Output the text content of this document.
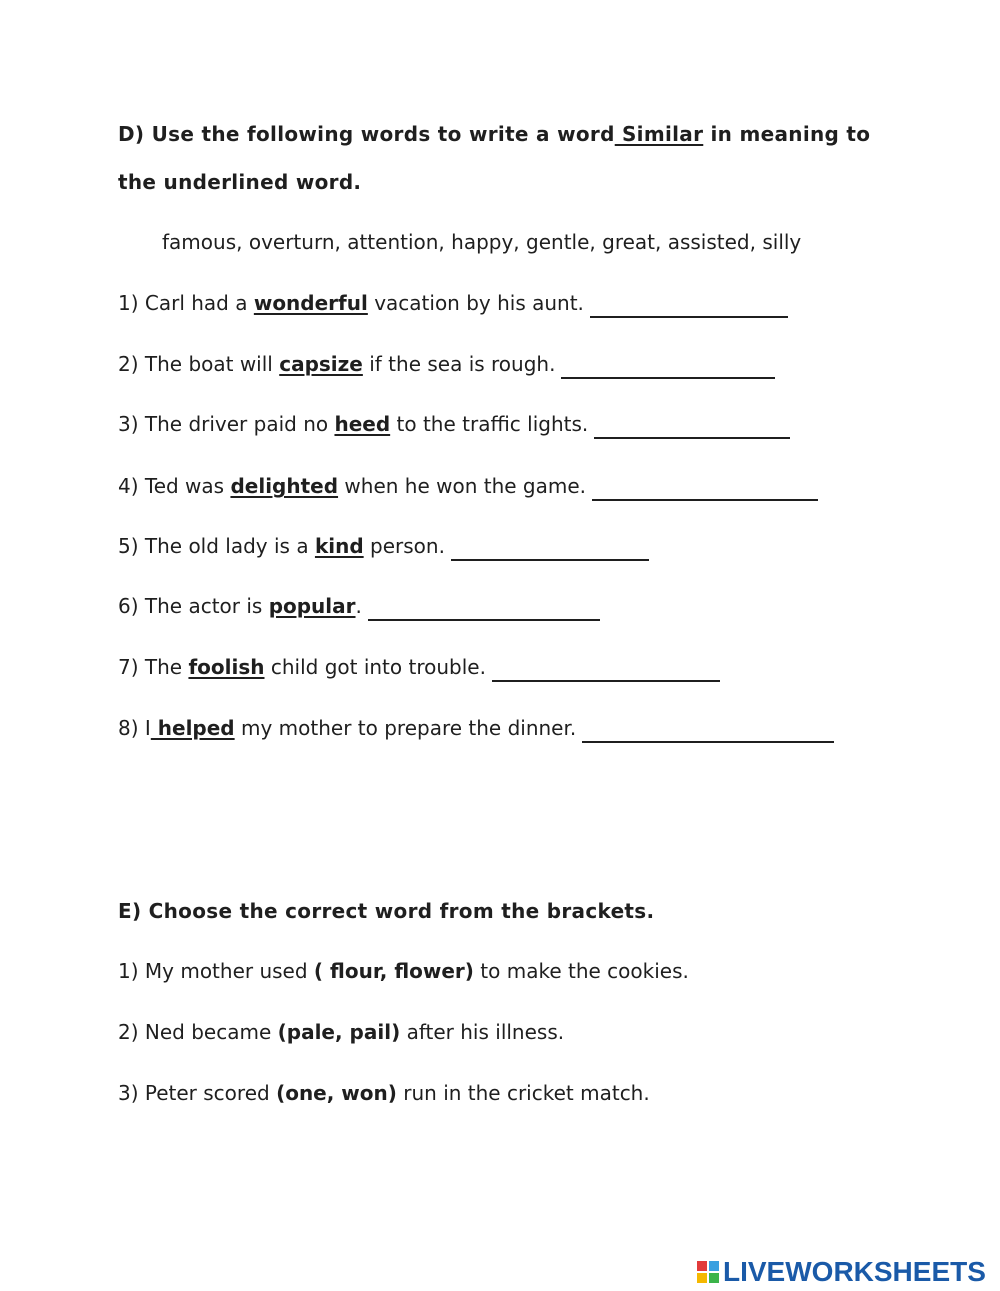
D) Use the following words to write a word Similar in meaning to
the underlined word.
famous, overturn, attention, happy, gentle, great, assisted, silly
1) Carl had a wonderful vacation by his aunt.
2) The boat will capsize if the sea is rough.
3) The driver paid no heed to the traffic lights.
4) Ted was delighted when he won the game.
5) The old lady is a kind person.
6) The actor is popular.
7) The foolish child got into trouble.
8) I helped my mother to prepare the dinner.
E) Choose the correct word from the brackets.
1) My mother used ( flour, flower) to make the cookies.
2) Ned became (pale, pail) after his illness.
3) Peter scored (one, won) run in the cricket match.
LIVEWORKSHEETS
